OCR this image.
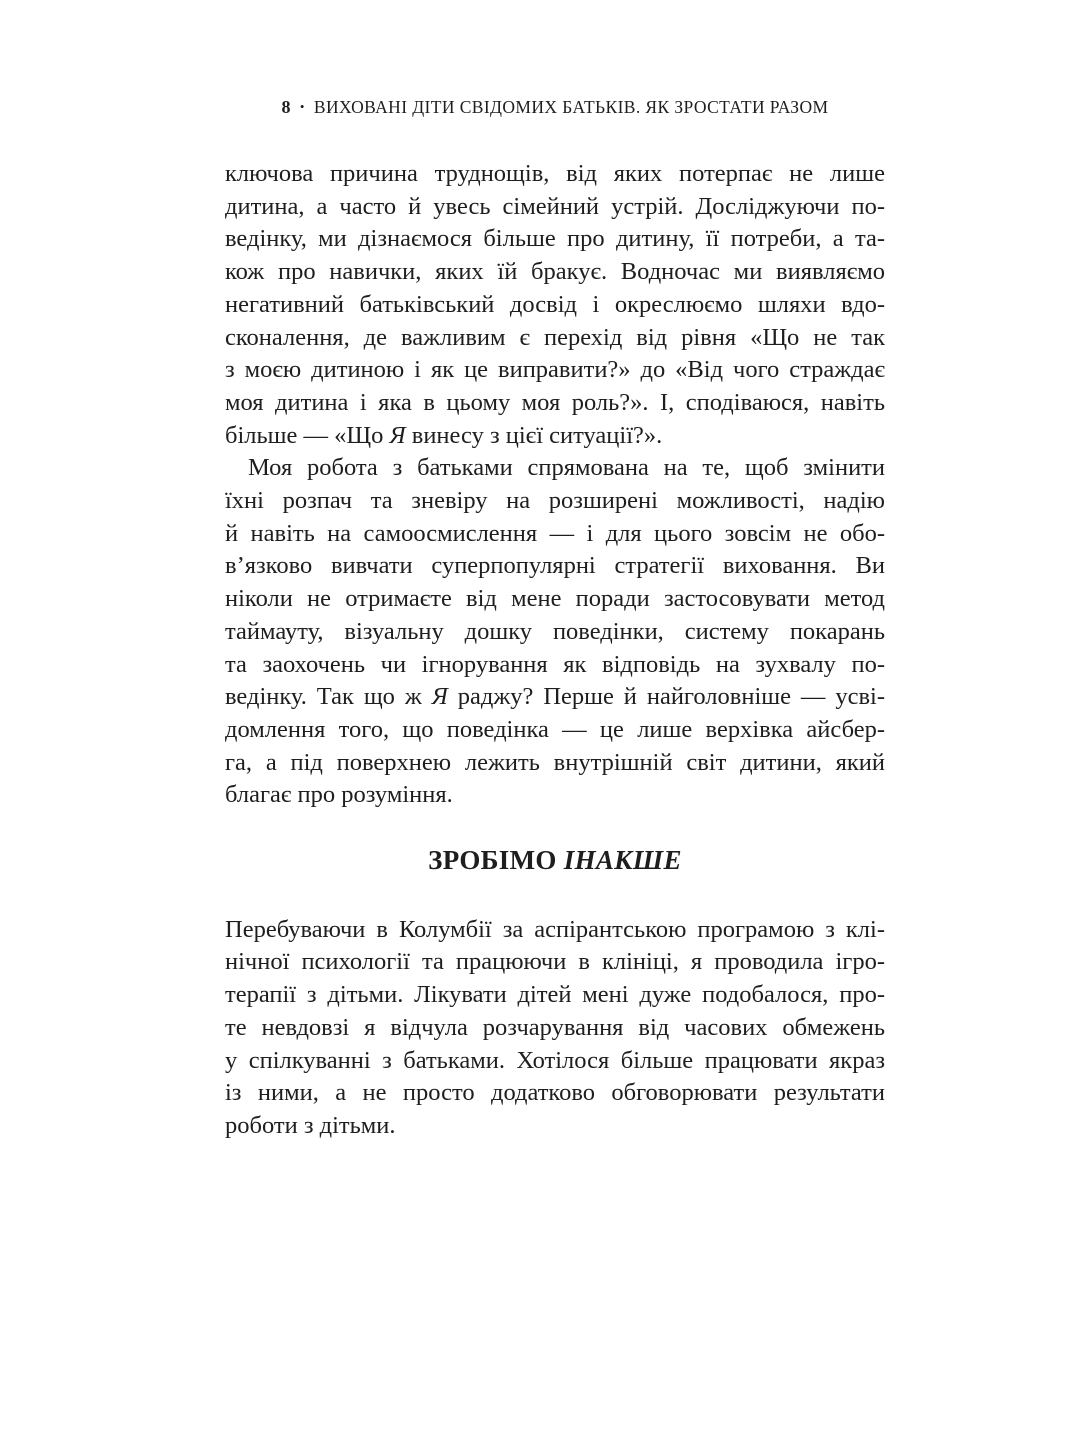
8 • ВИХОВАНІ ДІТИ СВІДОМИХ БАТЬКІВ. ЯК ЗРОСТАТИ РАЗОМ
ключова причина труднощів, від яких потерпає не лише
дитина, а часто й увесь сімейний устрій. Досліджуючи по-
ведінку, ми дізнаємося більше про дитину, її потреби, а та-
кож про навички, яких їй бракує. Водночас ми виявляємо
негативний батьківський досвід і окреслюємо шляхи вдо-
сконалення, де важливим є перехід від рівня «Що не так
з моєю дитиною і як це виправити?» до «Від чого страждає
моя дитина і яка в цьому моя роль?». І, сподіваюся, навіть
більше — «Що Я винесу з цієї ситуації?».
Моя робота з батьками спрямована на те, щоб змінити
їхні розпач та зневіру на розширені можливості, надію
й навіть на самоосмислення — і для цього зовсім не обо-
в’язково вивчати суперпопулярні стратегії виховання. Ви
ніколи не отримаєте від мене поради застосовувати метод
таймауту, візуальну дошку поведінки, систему покарань
та заохочень чи ігнорування як відповідь на зухвалу по-
ведінку. Так що ж Я раджу? Перше й найголовніше — усві-
домлення того, що поведінка — це лише верхівка айсбер-
га, а під поверхнею лежить внутрішній світ дитини, який
благає про розуміння.
ЗРОБІМО ІНАКШЕ
Перебуваючи в Колумбії за аспірантською програмою з клі-
нічної психології та працюючи в клініці, я проводила ігро-
терапії з дітьми. Лікувати дітей мені дуже подобалося, про-
те невдовзі я відчула розчарування від часових обмежень
у спілкуванні з батьками. Хотілося більше працювати якраз
із ними, а не просто додатково обговорювати результати
роботи з дітьми.
